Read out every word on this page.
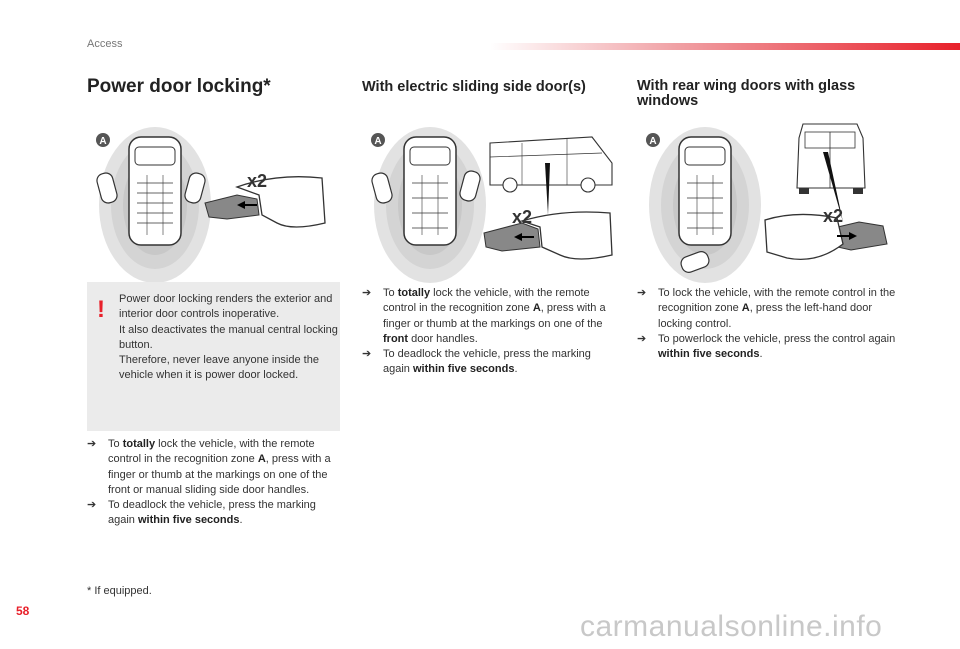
Access
Power door locking*	With electric sliding side door(s)	With rear wing doors with glass windows
A
x2
A
x2
A
x2
! Power door locking renders the exterior and interior door controls inoperative.

It also deactivates the manual central locking button.

Therefore, never leave anyone inside the vehicle when it is power door locked.

➔	To totally lock the vehicle, with the remote control in the recognition zone A, press with a finger or thumb at the markings on one of the front or manual sliding side door handles.
➔	To deadlock the vehicle, press the marking again within five seconds.
➔	To totally lock the vehicle, with the remote control in the recognition zone A, press with a finger or thumb at the markings on one of the front door handles.
➔	To deadlock the vehicle, press the marking again within five seconds.
➔	To lock the vehicle, with the remote control in the recognition zone A, press the left-hand door locking control.
➔	To powerlock the vehicle, press the control again within five seconds.
* If equipped.
58	carmanualsonline.info
